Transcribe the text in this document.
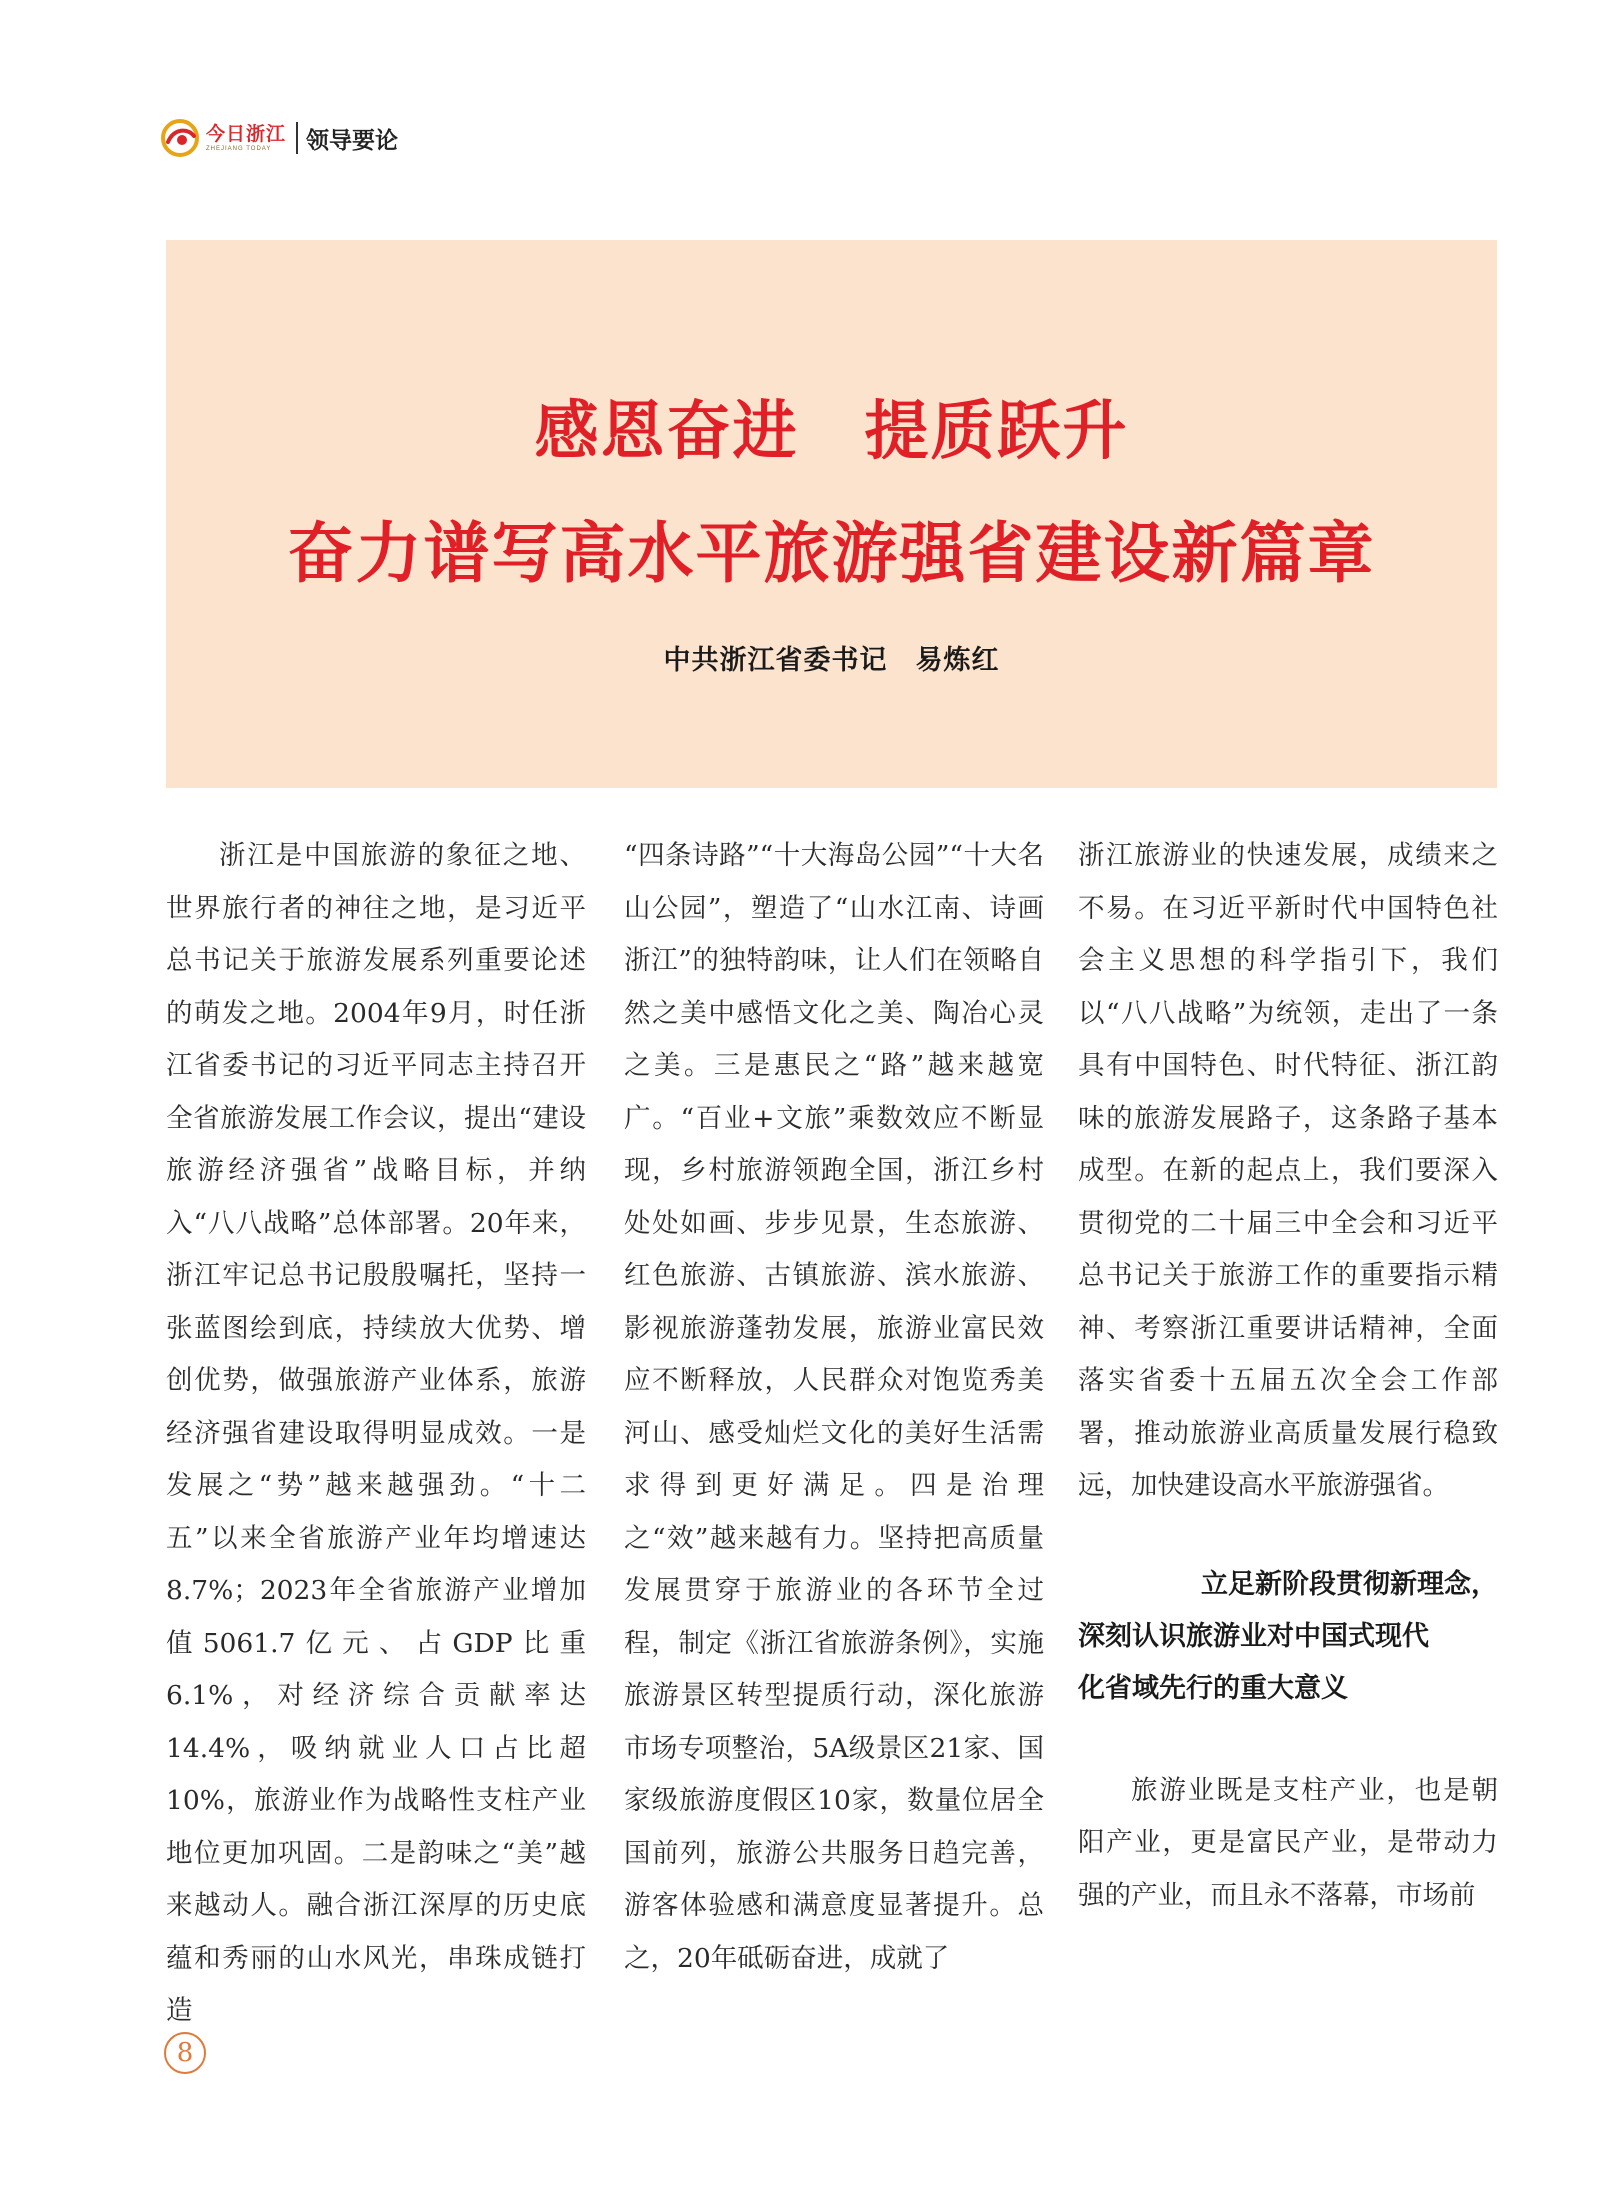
今日浙江
ZHEJIANG TODAY	领导要论
感恩奋进　提质跃升
奋力谱写高水平旅游强省建设新篇章
中共浙江省委书记　易炼红

浙江是中国旅游的象征之地、世界旅行者的神往之地，是习近平总书记关于旅游发展系列重要论述的萌发之地。2004年9月，时任浙江省委书记的习近平同志主持召开全省旅游发展工作会议，提出“建设旅游经济强省”战略目标，并纳入“八八战略”总体部署。20年来，浙江牢记总书记殷殷嘱托，坚持一张蓝图绘到底，持续放大优势、增创优势，做强旅游产业体系，旅游经济强省建设取得明显成效。一是发展之“势”越来越强劲。“十二五”以来全省旅游产业年均增速达8.7%；2023年全省旅游产业增加值5061.7亿元、占GDP比重6.1%，对经济综合贡献率达14.4%，吸纳就业人口占比超10%，旅游业作为战略性支柱产业地位更加巩固。二是韵味之“美”越来越动人。融合浙江深厚的历史底蕴和秀丽的山水风光，串珠成链打造

“四条诗路”“十大海岛公园”“十大名山公园”，塑造了“山水江南、诗画浙江”的独特韵味，让人们在领略自然之美中感悟文化之美、陶冶心灵之美。三是惠民之“路”越来越宽广。“百业+文旅”乘数效应不断显现，乡村旅游领跑全国，浙江乡村处处如画、步步见景，生态旅游、红色旅游、古镇旅游、滨水旅游、影视旅游蓬勃发展，旅游业富民效应不断释放，人民群众对饱览秀美河山、感受灿烂文化的美好生活需求得到更好满足。四是治理之“效”越来越有力。坚持把高质量发展贯穿于旅游业的各环节全过程，制定《浙江省旅游条例》，实施旅游景区转型提质行动，深化旅游市场专项整治，5A级景区21家、国家级旅游度假区10家，数量位居全国前列，旅游公共服务日趋完善，游客体验感和满意度显著提升。总之，20年砥砺奋进，成就了

浙江旅游业的快速发展，成绩来之不易。在习近平新时代中国特色社会主义思想的科学指引下，我们以“八八战略”为统领，走出了一条具有中国特色、时代特征、浙江韵味的旅游发展路子，这条路子基本成型。在新的起点上，我们要深入贯彻党的二十届三中全会和习近平总书记关于旅游工作的重要指示精神、考察浙江重要讲话精神，全面落实省委十五届五次全会工作部署，推动旅游业高质量发展行稳致远，加快建设高水平旅游强省。

立足新阶段贯彻新理念，
深刻认识旅游业对中国式现代
化省域先行的重大意义

旅游业既是支柱产业，也是朝阳产业，更是富民产业，是带动力强的产业，而且永不落幕，市场前

8
